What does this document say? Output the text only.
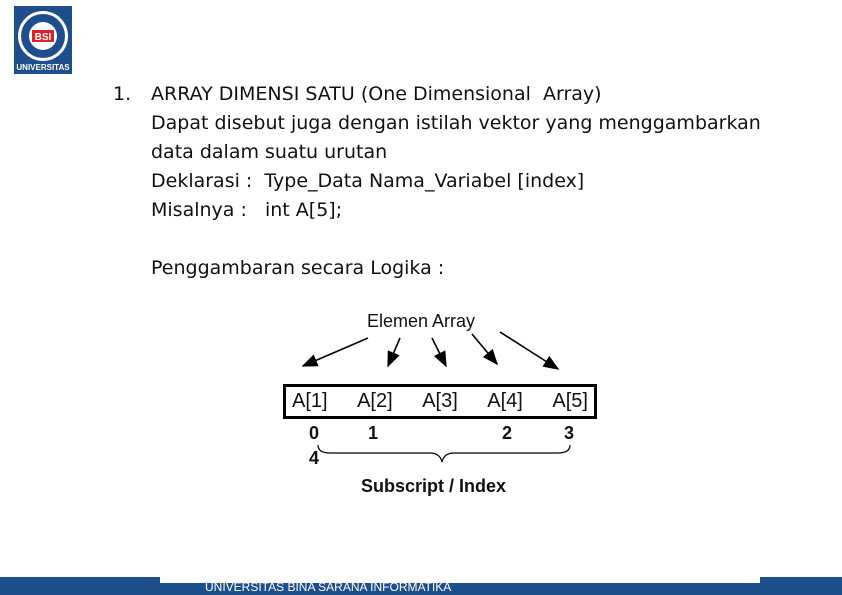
BSI
UNIVERSITAS
1. ARRAY DIMENSI SATU (One Dimensional  Array)
Dapat disebut juga dengan istilah vektor yang menggambarkan
data dalam suatu urutan
Deklarasi :  Type_Data Nama_Variabel [index]
Misalnya :   int A[5];
Penggambaran secara Logika :
Elemen Array
A[1] A[2] A[3] A[4] A[5]
0	1	2	3
4
Subscript / Index
UNIVERSITAS BINA SARANA INFORMATIKA
